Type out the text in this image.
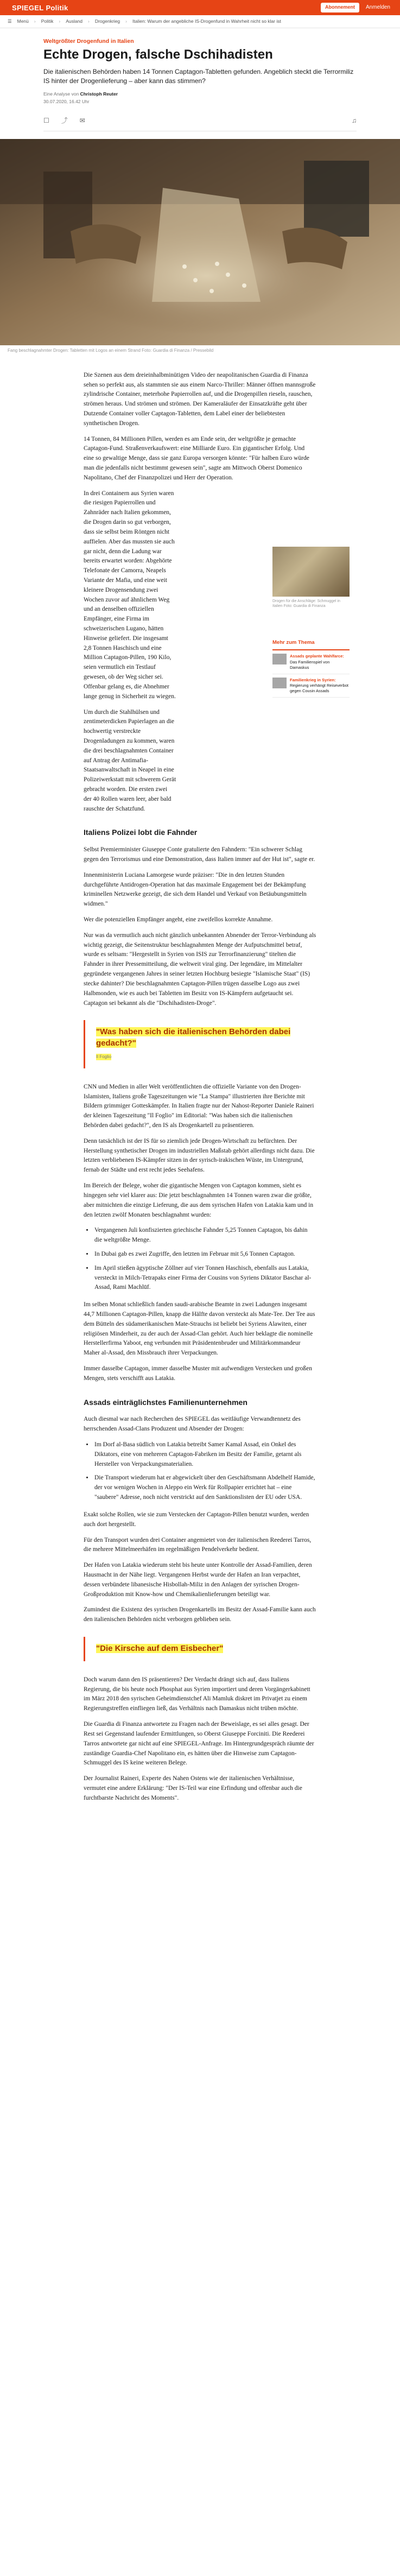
SPIEGEL Politik	Abonnement	Anmelden
☰ Menü › Politik › Ausland › Drogenkrieg › Italien: Warum der angebliche IS-Drogenfund in Wahrheit nicht so klar ist
Weltgrößter Drogenfund in Italien
Echte Drogen, falsche Dschihadisten
Die italienischen Behörden haben 14 Tonnen Captagon-Tabletten gefunden. Angeblich steckt die Terrormiliz IS hinter der Drogenlieferung – aber kann das stimmen?
Eine Analyse von Christoph Reuter
30.07.2020, 16.42 Uhr
☐ ⤴ ✉	♫
Fang beschlagnahmter Drogen: Tabletten mit Logos an einem Strand Foto: Guardia di Finanza / Pressebild

Die Szenen aus dem dreieinhalbminütigen Video der neapolitanischen Guardia di Finanza sehen so perfekt aus, als stammten sie aus einem Narco-Thriller: Männer öffnen mannsgroße zylindrische Container, meterhohe Papierrollen auf, und die Drogenpillen rieseln, rauschen, strömen heraus. Und strömen und strömen. Der Kameraläufer der Einsatzkräfte geht über Dutzende Container voller Captagon-Tabletten, dem Label einer der beliebtesten synthetischen Drogen.

14 Tonnen, 84 Millionen Pillen, werden es am Ende sein, der weltgrößte je gemachte Captagon-Fund. Straßenverkaufswert: eine Milliarde Euro. Ein gigantischer Erfolg. Und eine so gewaltige Menge, dass sie ganz Europa versorgen könnte: "Für halben Euro würde man die jedenfalls nicht bestimmt gewesen sein", sagte am Mittwoch Oberst Domenico Napolitano, Chef der Finanzpolizei und Herr der Operation.

Drogen für die Anschläge: Schmuggel in Italien Foto: Guardia di Finanza
Mehr zum Thema
Assads geplante Wahlfarce: Das Familienspiel von Damaskus
Familienkrieg in Syrien: Regierung verhängt Reiseverbot gegen Cousin Assads

In drei Containern aus Syrien waren die riesigen Papierrollen und Zahnräder nach Italien gekommen, die Drogen darin so gut verborgen, dass sie selbst beim Röntgen nicht auffielen. Aber das mussten sie auch gar nicht, denn die Ladung war bereits erwartet worden: Abgehörte Telefonate der Camorra, Neapels Variante der Mafia, und eine weit kleinere Drogensendung zwei Wochen zuvor auf ähnlichem Weg und an denselben offiziellen Empfänger, eine Firma im schweizerischen Lugano, hätten Hinweise geliefert. Die insgesamt 2,8 Tonnen Haschisch und eine Million Captagon-Pillen, 190 Kilo, seien vermutlich ein Testlauf gewesen, ob der Weg sicher sei. Offenbar gelang es, die Abnehmer lange genug in Sicherheit zu wiegen.

Um durch die Stahlhülsen und zentimeterdicken Papierlagen an die hochwertig verstreckte Drogenladungen zu kommen, waren die drei beschlagnahmten Container auf Antrag der Antimafia-Staatsanwaltschaft in Neapel in eine Polizeiwerkstatt mit schwerem Gerät gebracht worden. Die ersten zwei der 40 Rollen waren leer, aber bald rauschte der Schatzfund.

Italiens Polizei lobt die Fahnder

Selbst Premierminister Giuseppe Conte gratulierte den Fahndern: "Ein schwerer Schlag gegen den Terrorismus und eine Demonstration, dass Italien immer auf der Hut ist", sagte er.

Innenministerin Luciana Lamorgese wurde präziser: "Die in den letzten Stunden durchgeführte Antidrogen-Operation hat das maximale Engagement bei der Bekämpfung kriminellen Netzwerke gezeigt, die sich dem Handel und Verkauf von Betäubungsmitteln widmen."

Wer die potenziellen Empfänger angeht, eine zweifellos korrekte Annahme.

Nur was da vermutlich auch nicht gänzlich unbekannten Abnender der Terror-Verbindung als wichtig gezeigt, die Seitenstruktur beschlagnahmten Menge der Aufputschmittel betraf, wurde es seltsam: "Hergestellt in Syrien von ISIS zur Terrorfinanzierung" titelten die Fahnder in ihrer Pressemitteilung, die weltweit viral ging. Der legendäre, im Mittelalter gegründete vergangenen Jahres in seiner letzten Hochburg besiegte "Islamische Staat" (IS) stecke dahinter? Die beschlagnahmten Captagon-Pillen trügen dasselbe Logo aus zwei Halbmonden, wie es auch bei Tabletten im Besitz von IS-Kämpfern aufgetaucht sei. Captagon sei bekannt als die "Dschihadisten-Droge".

"Was haben sich die italienischen Behörden dabei gedacht?"
Il Foglio

CNN und Medien in aller Welt veröffentlichten die offizielle Variante von den Drogen-Islamisten, Italiens große Tageszeitungen wie "La Stampa" illustrierten ihre Berichte mit Bildern grimmiger Gotteskämpfer. In Italien fragte nur der Nahost-Reporter Daniele Raineri der kleinen Tageszeitung "Il Foglio" im Editorial: "Was haben sich die italienischen Behörden dabei gedacht?", den IS als Drogenkartell zu präsentieren.

Denn tatsächlich ist der IS für so ziemlich jede Drogen-Wirtschaft zu befürchten. Der Herstellung synthetischer Drogen im industriellen Maßstab gehört allerdings nicht dazu. Die letzten verbliebenen IS-Kämpfer sitzen in der syrisch-irakischen Wüste, im Untergrund, fernab der Städte und erst recht jedes Seehafens.

Im Bereich der Belege, woher die gigantische Mengen von Captagon kommen, sieht es hingegen sehr viel klarer aus: Die jetzt beschlagnahmten 14 Tonnen waren zwar die größte, aber mitnichten die einzige Lieferung, die aus dem syrischen Hafen von Latakia kam und in den letzten zwölf Monaten beschlagnahmt wurden:

• Vergangenen Juli konfiszierten griechische Fahnder 5,25 Tonnen Captagon, bis dahin die weltgrößte Menge.
• In Dubai gab es zwei Zugriffe, den letzten im Februar mit 5,6 Tonnen Captagon.
• Im April stießen ägyptische Zöllner auf vier Tonnen Haschisch, ebenfalls aus Latakia, versteckt in Milch-Tetrapaks einer Firma der Cousins von Syriens Diktator Baschar al-Assad, Rami Machlūf.

Im selben Monat schließlich fanden saudi-arabische Beamte in zwei Ladungen insgesamt 44,7 Millionen Captagon-Pillen, knapp die Hälfte davon versteckt als Mate-Tee. Der Tee aus dem Bütteln des südamerikanischen Mate-Strauchs ist beliebt bei Syriens Alawiten, einer religiösen Minderheit, zu der auch der Assad-Clan gehört. Auch hier beklagte die nominelle Herstellerfirma Yaboot, eng verbunden mit Präsidentenbruder und Militärkommandeur Maher al-Assad, den Missbrauch ihrer Verpackungen.

Immer dasselbe Captagon, immer dasselbe Muster mit aufwendigen Verstecken und großen Mengen, stets verschifft aus Latakia.

Assads einträglichstes Familienunternehmen

Auch diesmal war nach Recherchen des SPIEGEL das weitläufige Verwandtennetz des herrschenden Assad-Clans Produzent und Absender der Drogen:

• Im Dorf al-Basa südlich von Latakia betreibt Samer Kamal Assad, ein Onkel des Diktators, eine von mehreren Captagon-Fabriken im Besitz der Familie, getarnt als Hersteller von Verpackungsmaterialien.
• Die Transport wiederum hat er abgewickelt über den Geschäftsmann Abdelhelf Hamide, der vor wenigen Wochen in Aleppo ein Werk für Rollpapier errichtet hat – eine "saubere" Adresse, noch nicht verstrickt auf den Sanktionslisten der EU oder USA.

Exakt solche Rollen, wie sie zum Verstecken der Captagon-Pillen benutzt wurden, werden auch dort hergestellt.

Für den Transport wurden drei Container angemietet von der italienischen Reederei Tarros, die mehrere Mittelmeerhäfen im regelmäßigen Pendelverkehr bedient.

Der Hafen von Latakia wiederum steht bis heute unter Kontrolle der Assad-Familien, deren Hausmacht in der Nähe liegt. Vergangenen Herbst wurde der Hafen an Iran verpachtet, dessen verbündete libanesische Hisbollah-Miliz in den Anlagen der syrischen Drogen-Großproduktion mit Know-how und Chemikalienlieferungen beteiligt war.

Zumindest die Existenz des syrischen Drogenkartells im Besitz der Assad-Familie kann auch den italienischen Behörden nicht verborgen geblieben sein.

"Die Kirsche auf dem Eisbecher"

Doch warum dann den IS präsentieren? Der Verdacht drängt sich auf, dass Italiens Regierung, die bis heute noch Phosphat aus Syrien importiert und deren Vorgängerkabinett im März 2018 den syrischen Geheimdienstchef Ali Mamluk diskret im Privatjet zu einem Regierungstreffen einfliegen ließ, das Verhältnis nach Damaskus nicht trüben möchte.

Die Guardia di Finanza antwortete zu Fragen nach der Beweislage, es sei alles gesagt. Der Rest sei Gegenstand laufender Ermittlungen, so Oberst Giuseppe Forciniti. Die Reederei Tarros antwortete gar nicht auf eine SPIEGEL-Anfrage. Im Hintergrundgespräch räumte der zuständige Guardia-Chef Napolitano ein, es hätten über die Hinweise zum Captagon-Schmuggel des IS keine weiteren Belege.

Der Journalist Raineri, Experte des Nahen Ostens wie der italienischen Verhältnisse, vermutet eine andere Erklärung: "Der IS-Teil war eine Erfindung und offenbar auch die furchtbarste Nachricht des Moments".
